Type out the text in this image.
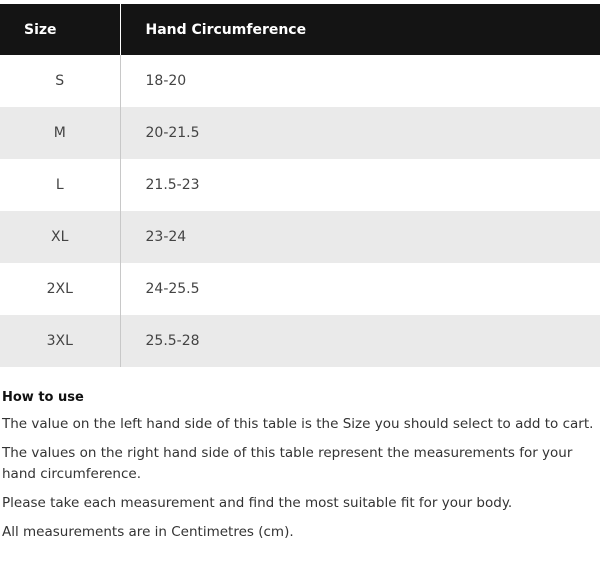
Size	Hand Circumference
S	18-20
M	20-21.5
L	21.5-23
XL	23-24
2XL	24-25.5
3XL	25.5-28
How to use

The value on the left hand side of this table is the Size you should select to add to cart.

The values on the right hand side of this table represent the measurements for your hand circumference.

Please take each measurement and find the most suitable fit for your body.

All measurements are in Centimetres (cm).
